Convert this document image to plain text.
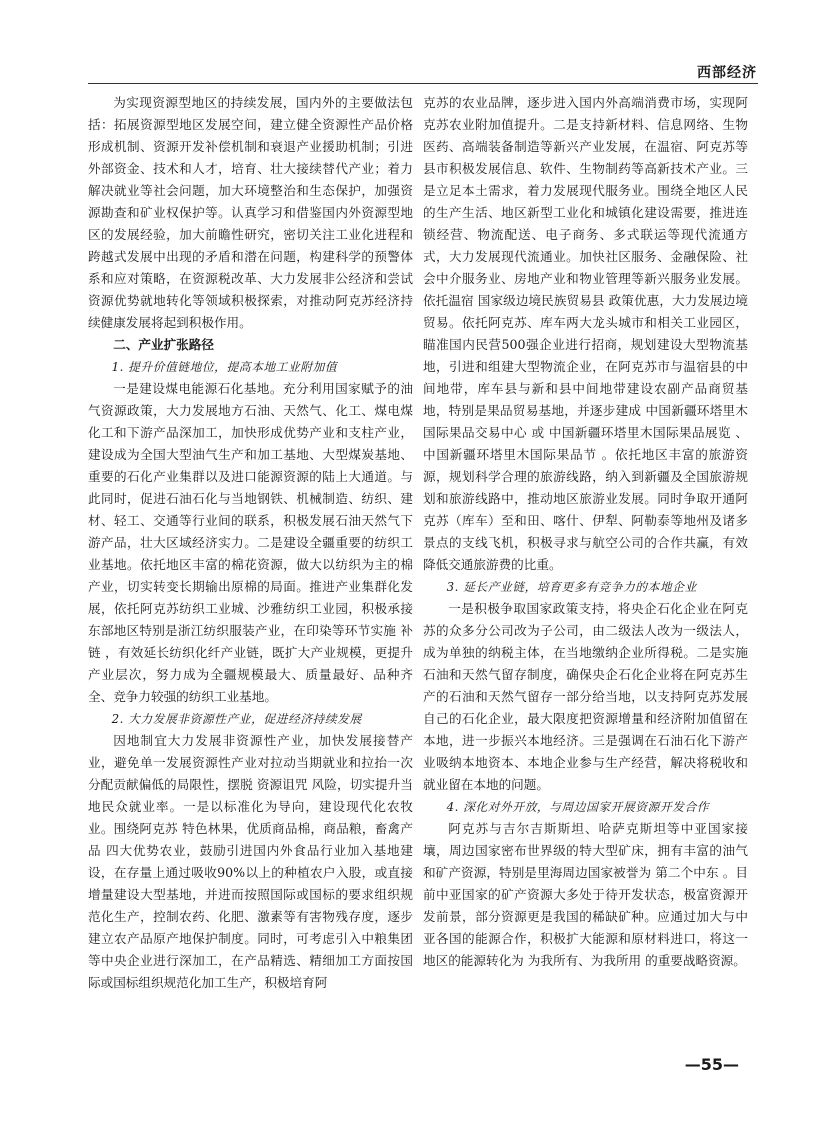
西部经济

为实现资源型地区的持续发展，国内外的主要做法包括：拓展资源型地区发展空间，建立健全资源性产品价格形成机制、资源开发补偿机制和衰退产业援助机制；引进外部资金、技术和人才，培育、壮大接续替代产业；着力解决就业等社会问题，加大环境整治和生态保护，加强资源勘查和矿业权保护等。认真学习和借鉴国内外资源型地区的发展经验，加大前瞻性研究，密切关注工业化进程和跨越式发展中出现的矛盾和潜在问题，构建科学的预警体系和应对策略，在资源税改革、大力发展非公经济和尝试资源优势就地转化等领域积极探索，对推动阿克苏经济持续健康发展将起到积极作用。

二、产业扩张路径

1. 提升价值链地位，提高本地工业附加值

一是建设煤电能源石化基地。充分利用国家赋予的油气资源政策，大力发展地方石油、天然气、化工、煤电煤化工和下游产品深加工，加快形成优势产业和支柱产业，建设成为全国大型油气生产和加工基地、大型煤炭基地、重要的石化产业集群以及进口能源资源的陆上大通道。与此同时，促进石油石化与当地钢铁、机械制造、纺织、建材、轻工、交通等行业间的联系，积极发展石油天然气下游产品，壮大区域经济实力。二是建设全疆重要的纺织工业基地。依托地区丰富的棉花资源，做大以纺织为主的棉产业，切实转变长期输出原棉的局面。推进产业集群化发展，依托阿克苏纺织工业城、沙雅纺织工业园，积极承接东部地区特别是浙江纺织服装产业，在印染等环节实施 补链 ，有效延长纺织化纤产业链，既扩大产业规模，更提升产业层次，努力成为全疆规模最大、质量最好、品种齐全、竞争力较强的纺织工业基地。

2. 大力发展非资源性产业，促进经济持续发展

因地制宜大力发展非资源性产业，加快发展接替产业，避免单一发展资源性产业对拉动当期就业和拉抬一次分配贡献偏低的局限性，摆脱 资源诅咒 风险，切实提升当地民众就业率。一是以标准化为导向，建设现代化农牧业。围绕阿克苏 特色林果，优质商品棉，商品粮，畜禽产品 四大优势农业，鼓励引进国内外食品行业加入基地建设，在存量上通过吸收90%以上的种植农户入股，或直接增量建设大型基地，并进而按照国际或国标的要求组织规范化生产，控制农药、化肥、激素等有害物残存度，逐步建立农产品原产地保护制度。同时，可考虑引入中粮集团等中央企业进行深加工，在产品精选、精细加工方面按国际或国标组织规范化加工生产，积极培育阿

克苏的农业品牌，逐步进入国内外高端消费市场，实现阿克苏农业附加值提升。二是支持新材料、信息网络、生物医药、高端装备制造等新兴产业发展，在温宿、阿克苏等县市积极发展信息、软件、生物制药等高新技术产业。三是立足本土需求，着力发展现代服务业。围绕全地区人民的生产生活、地区新型工业化和城镇化建设需要，推进连锁经营、物流配送、电子商务、多式联运等现代流通方式，大力发展现代流通业。加快社区服务、金融保险、社会中介服务业、房地产业和物业管理等新兴服务业发展。依托温宿 国家级边境民族贸易县 政策优惠，大力发展边境贸易。依托阿克苏、库车两大龙头城市和相关工业园区，瞄准国内民营500强企业进行招商，规划建设大型物流基地，引进和组建大型物流企业，在阿克苏市与温宿县的中间地带，库车县与新和县中间地带建设农副产品商贸基地，特别是果品贸易基地，并逐步建成 中国新疆环塔里木国际果品交易中心 或 中国新疆环塔里木国际果品展览 、 中国新疆环塔里木国际果品节 。依托地区丰富的旅游资源，规划科学合理的旅游线路，纳入到新疆及全国旅游规划和旅游线路中，推动地区旅游业发展。同时争取开通阿克苏（库车）至和田、喀什、伊犁、阿勒泰等地州及诸多景点的支线飞机，积极寻求与航空公司的合作共赢，有效降低交通旅游费的比重。

3. 延长产业链，培育更多有竞争力的本地企业

一是积极争取国家政策支持，将央企石化企业在阿克苏的众多分公司改为子公司，由二级法人改为一级法人，成为单独的纳税主体，在当地缴纳企业所得税。二是实施石油和天然气留存制度，确保央企石化企业将在阿克苏生产的石油和天然气留存一部分给当地，以支持阿克苏发展自己的石化企业，最大限度把资源增量和经济附加值留在本地，进一步振兴本地经济。三是强调在石油石化下游产业吸纳本地资本、本地企业参与生产经营，解决将税收和就业留在本地的问题。

4. 深化对外开放，与周边国家开展资源开发合作

阿克苏与吉尔吉斯斯坦、哈萨克斯坦等中亚国家接壤，周边国家密布世界级的特大型矿床，拥有丰富的油气和矿产资源，特别是里海周边国家被誉为 第二个中东 。目前中亚国家的矿产资源大多处于待开发状态，极富资源开发前景，部分资源更是我国的稀缺矿种。应通过加大与中亚各国的能源合作，积极扩大能源和原材料进口，将这一地区的能源转化为 为我所有、为我所用 的重要战略资源。

—55—
